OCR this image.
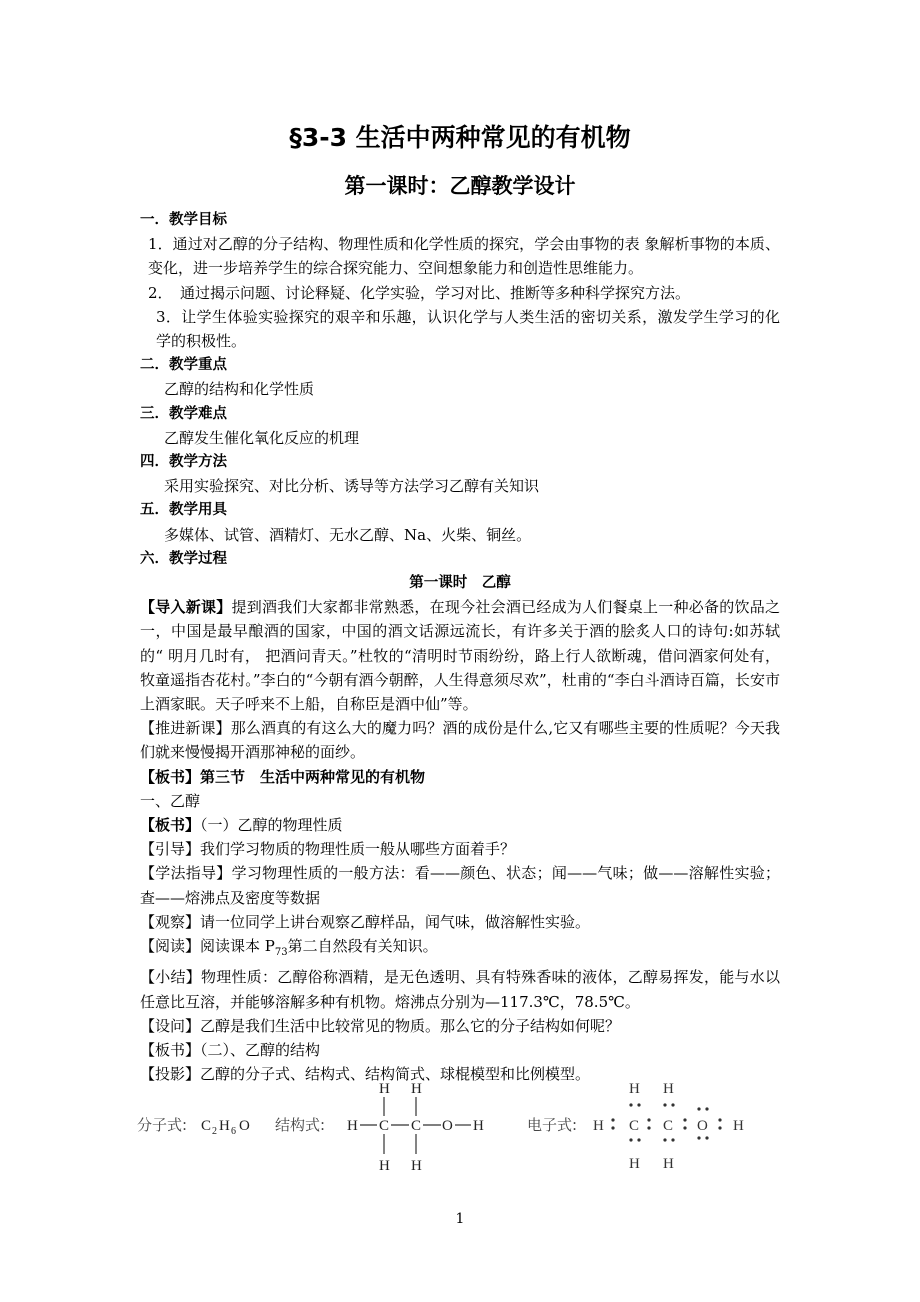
§3-3 生活中两种常见的有机物
第一课时：乙醇教学设计

一．教学目标

1．通过对乙醇的分子结构、物理性质和化学性质的探究，学会由事物的表 象解析事物的本质、变化，进一步培养学生的综合探究能力、空间想象能力和创造性思维能力。

2．　通过揭示问题、讨论释疑、化学实验，学习对比、推断等多种科学探究方法。

3．让学生体验实验探究的艰辛和乐趣，认识化学与人类生活的密切关系，激发学生学习的化学的积极性。

二．教学重点

乙醇的结构和化学性质

三．教学难点

乙醇发生催化氧化反应的机理

四．教学方法

采用实验探究、对比分析、诱导等方法学习乙醇有关知识

五．教学用具

多媒体、试管、酒精灯、无水乙醇、Na、火柴、铜丝。

六．教学过程

第一课时　乙醇

【导入新课】提到酒我们大家都非常熟悉，在现今社会酒已经成为人们餐桌上一种必备的饮品之一，中国是最早酿酒的国家，中国的酒文话源远流长，有许多关于酒的脍炙人口的诗句:如苏轼的“ 明月几时有， 把酒问青天。”杜牧的“清明时节雨纷纷，路上行人欲断魂，借问酒家何处有，牧童遥指杏花村。”李白的“今朝有酒今朝醉，人生得意须尽欢”，杜甫的“李白斗酒诗百篇，长安市上酒家眠。天子呼来不上船，自称臣是酒中仙”等。

【推进新课】那么酒真的有这么大的魔力吗？酒的成份是什么,它又有哪些主要的性质呢？今天我们就来慢慢揭开酒那神秘的面纱。

【板书】第三节　生活中两种常见的有机物

一、乙醇

【板书】（一）乙醇的物理性质

【引导】我们学习物质的物理性质一般从哪些方面着手？

【学法指导】学习物理性质的一般方法：看——颜色、状态；闻——气味；做——溶解性实验；查——熔沸点及密度等数据

【观察】请一位同学上讲台观察乙醇样品，闻气味，做溶解性实验。

【阅读】阅读课本 $P_{73}$第二自然段有关知识。

【小结】物理性质：乙醇俗称酒精，是无色透明、具有特殊香味的液体，乙醇易挥发，能与水以任意比互溶，并能够溶解多种有机物。熔沸点分别为—117.3℃，78.5℃。

【设问】乙醇是我们生活中比较常见的物质。那么它的分子结构如何呢？

【板书】（二）、乙醇的结构

【投影】乙醇的分子式、结构式、结构简式、球棍模型和比例模型。

分子式: C 2 H 6 O 结构式: H C C O H
H H
H H
电子式: H C C O H
H H
H H
1
